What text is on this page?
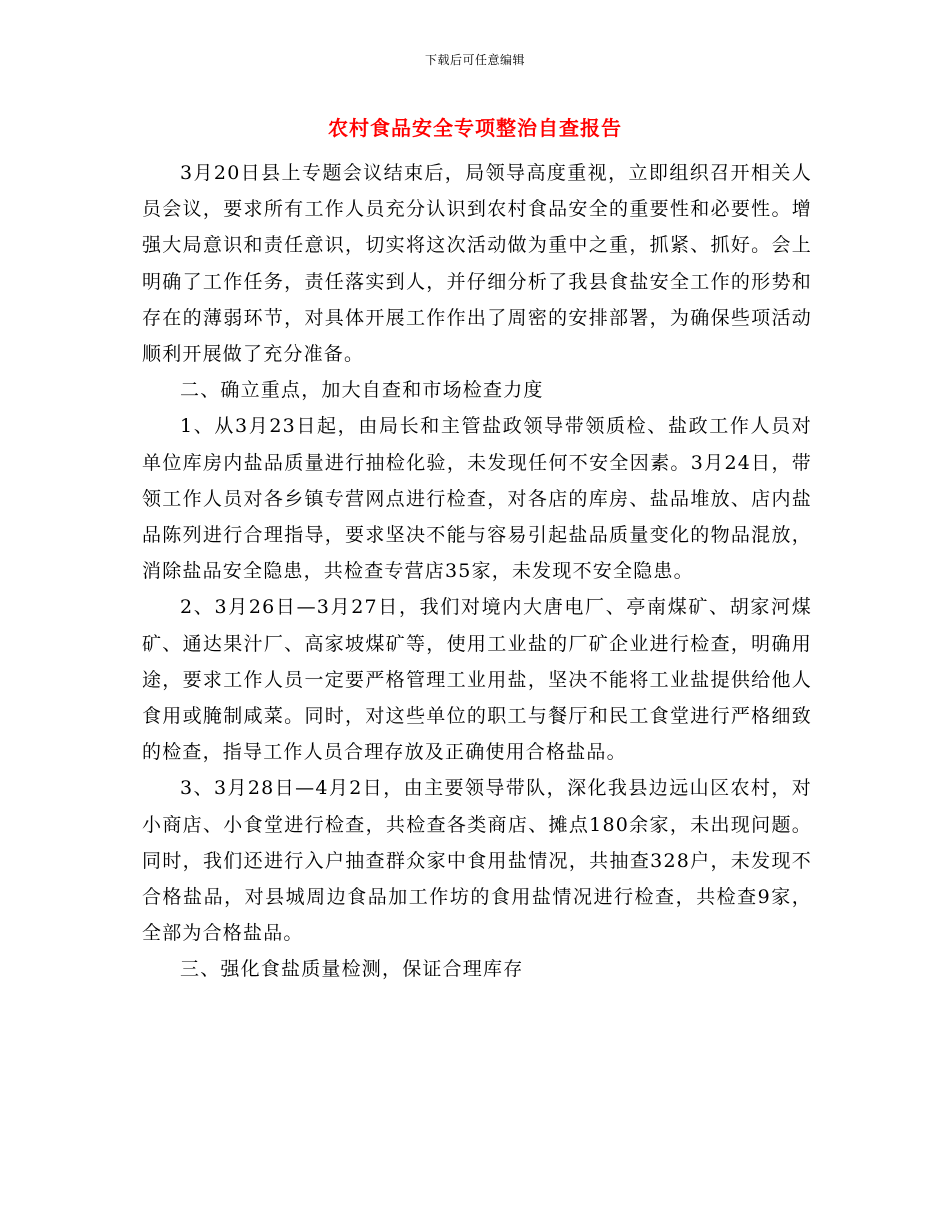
下载后可任意编辑
农村食品安全专项整治自查报告

3月20日县上专题会议结束后，局领导高度重视，立即组织召开相关人员会议，要求所有工作人员充分认识到农村食品安全的重要性和必要性。增强大局意识和责任意识，切实将这次活动做为重中之重，抓紧、抓好。会上明确了工作任务，责任落实到人，并仔细分析了我县食盐安全工作的形势和存在的薄弱环节，对具体开展工作作出了周密的安排部署，为确保些项活动顺利开展做了充分准备。

二、确立重点，加大自查和市场检查力度

1、从3月23日起，由局长和主管盐政领导带领质检、盐政工作人员对单位库房内盐品质量进行抽检化验，未发现任何不安全因素。3月24日，带领工作人员对各乡镇专营网点进行检查，对各店的库房、盐品堆放、店内盐品陈列进行合理指导，要求坚决不能与容易引起盐品质量变化的物品混放，消除盐品安全隐患，共检查专营店35家，未发现不安全隐患。

2、3月26日—3月27日，我们对境内大唐电厂、亭南煤矿、胡家河煤矿、通达果汁厂、高家坡煤矿等，使用工业盐的厂矿企业进行检查，明确用途，要求工作人员一定要严格管理工业用盐，坚决不能将工业盐提供给他人食用或腌制咸菜。同时，对这些单位的职工与餐厅和民工食堂进行严格细致的检查，指导工作人员合理存放及正确使用合格盐品。

3、3月28日—4月2日，由主要领导带队，深化我县边远山区农村，对小商店、小食堂进行检查，共检查各类商店、摊点180余家，未出现问题。同时，我们还进行入户抽查群众家中食用盐情况，共抽查328户，未发现不合格盐品，对县城周边食品加工作坊的食用盐情况进行检查，共检查9家，全部为合格盐品。

三、强化食盐质量检测，保证合理库存
